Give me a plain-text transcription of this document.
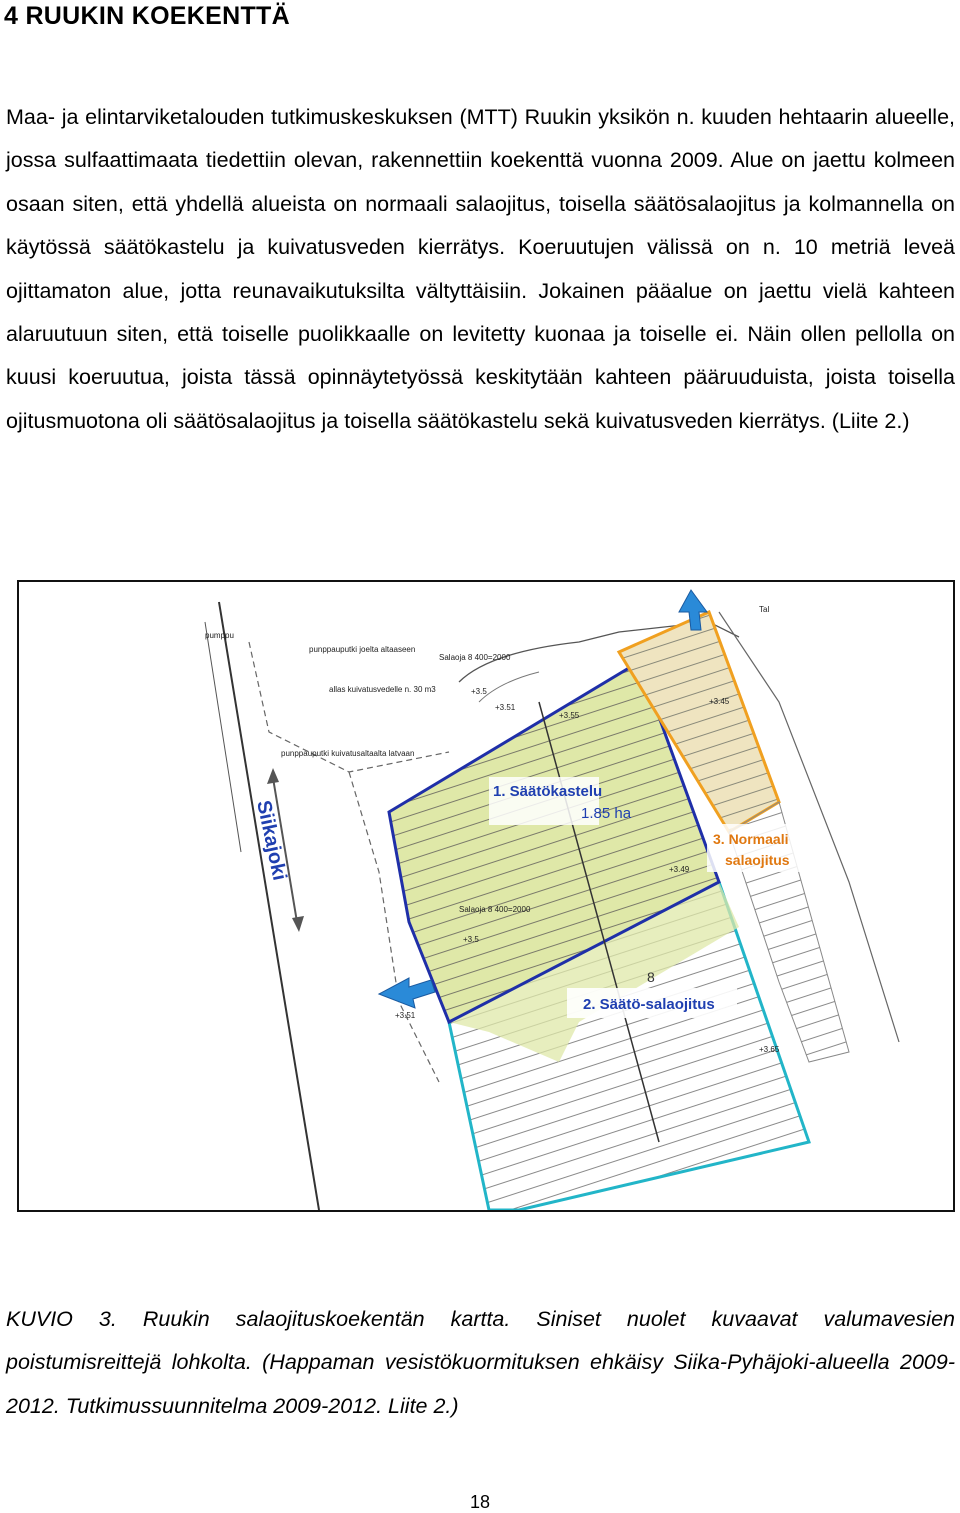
4 RUUKIN KOEKENTTÄ
Maa- ja elintarviketalouden tutkimuskeskuksen (MTT) Ruukin yksikön n. kuuden hehtaarin alueelle, jossa sulfaattimaata tiedettiin olevan, rakennettiin koekenttä vuonna 2009. Alue on jaettu kolmeen osaan siten, että yhdellä alueista on normaali salaojitus, toisella säätösalaojitus ja kolmannella on käytössä säätökastelu ja kuivatusveden kierrätys. Koeruutujen välissä on n. 10 metriä leveä ojittamaton alue, jotta reunavaikutuksilta vältyttäisiin. Jokainen pääalue on jaettu vielä kahteen alaruutuun siten, että toiselle puolikkaalle on levitetty kuonaa ja toiselle ei. Näin ollen pellolla on kuusi koeruutua, joista tässä opinnäytetyössä keskitytään kahteen pääruuduista, joista toisella ojitusmuotona oli säätösalaojitus ja toisella säätökastelu sekä kuivatusveden kierrätys. (Liite 2.)
pumppu
punppauputki joelta altaaseen
allas kuivatusvedelle n. 30 m3
punppauputki kuivatusaltaalta latvaan
Salaoja 8 400=2000
Salaoja 8 400=2000
+3.5
+3.51
+3.55
+3.45
+3.49
+3.65
+3.5
+3.51
Tal
8
Siikajoki
1. Säätökastelu
1.85 ha
3. Normaali
salaojitus
2. Säätö-salaojitus
KUVIO 3. Ruukin salaojituskoekentän kartta. Siniset nuolet kuvaavat valumavesien poistumisreittejä lohkolta. (Happaman vesistökuormituksen ehkäisy Siika-Pyhäjoki-alueella 2009-2012. Tutkimussuunnitelma 2009-2012. Liite 2.)
18
